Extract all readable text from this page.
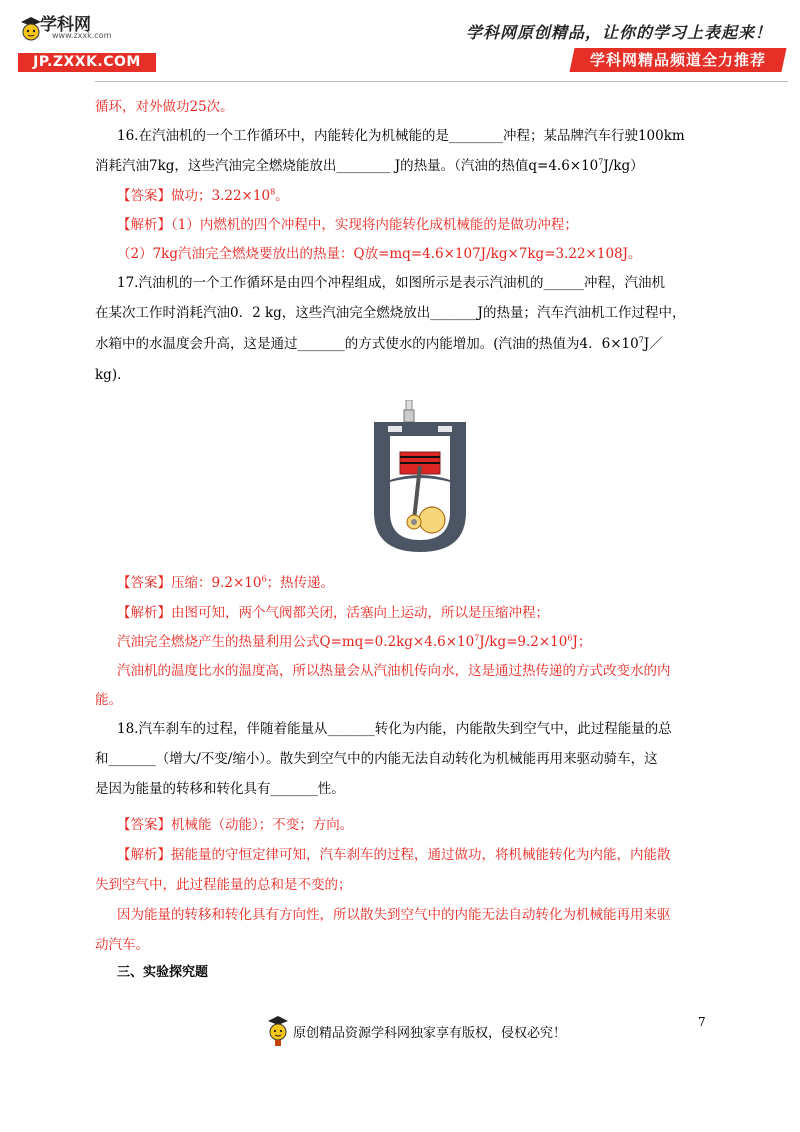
学科网
www.zxxk.com
JP.ZXXK.COM
学科网原创精品，让你的学习上表起来！
学科网精品频道全力推荐
循环，对外做功25次。
16.在汽油机的一个工作循环中，内能转化为机械能的是________冲程；某品牌汽车行驶100km
消耗汽油7kg，这些汽油完全燃烧能放出________ J的热量。（汽油的热值$q=4.6\times 10^7J/kg$）
【答案】做功；$3.22\times 10^8$。
【解析】（1）内燃机的四个冲程中，实现将内能转化成机械能的是做功冲程；
（2）7kg汽油完全燃烧要放出的热量：Q放=mq=4.6×107J/kg×7kg=3.22×108J。
17.汽油机的一个工作循环是由四个冲程组成，如图所示是表示汽油机的______冲程，汽油机
在某次工作时消耗汽油0．2 kg，这些汽油完全燃烧放出_______J的热量；汽车汽油机工作过程中，
水箱中的水温度会升高，这是通过_______的方式使水的内能增加。(汽油的热值为4．$6\times 10^7J/$
kg)．
【答案】压缩：$9.2\times 10^6$；热传递。
【解析】由图可知，两个气阀都关闭，活塞向上运动，所以是压缩冲程；
汽油完全燃烧产生的热量利用公式$Q=mq=0.2kg\times 4.6\times 10^7J/kg=9.2\times 10^6J$；
汽油机的温度比水的温度高，所以热量会从汽油机传向水，这是通过热传递的方式改变水的内
能。
18.汽车刹车的过程，伴随着能量从_______转化为内能，内能散失到空气中，此过程能量的总
和_______（增大/不变/缩小）。散失到空气中的内能无法自动转化为机械能再用来驱动骑车，这
是因为能量的转移和转化具有_______性。
【答案】机械能（动能）；不变；方向。
【解析】据能量的守恒定律可知，汽车刹车的过程，通过做功，将机械能转化为内能，内能散
失到空气中，此过程能量的总和是不变的；
因为能量的转移和转化具有方向性，所以散失到空气中的内能无法自动转化为机械能再用来驱
动汽车。
三、实验探究题
7
原创精品资源学科网独家享有版权，侵权必究！
